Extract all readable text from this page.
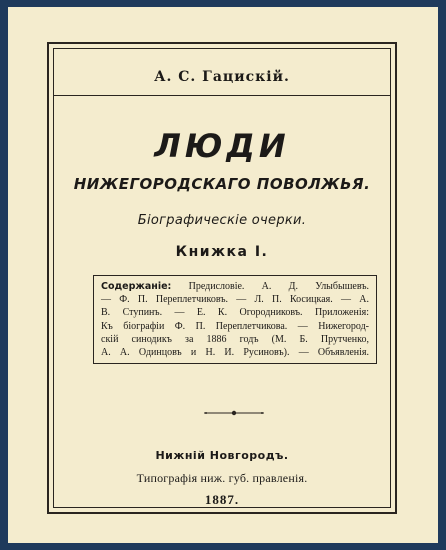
А. С. Гацискій.
ЛЮДИ
НИЖЕГОРОДСКАГО ПОВОЛЖЬЯ.
Біографическіе очерки.
Книжка I.
Содержаніе: Предисловіе. А. Д. Улыбышевъ.
— Ф. П. Переплетчиковъ. — Л. П. Косицкая. — А.
В. Ступинъ. — Е. К. Огородниковъ. Приложенія:
Къ біографіи Ф. П. Переплетчикова. — Нижегород-
скій синодикъ за 1886 годъ (М. Б. Прутченко,
А. А. Одинцовъ и Н. И. Русиновъ). — Объявленія.
Нижній Новгородъ.
Типографія ниж. губ. правленія.
1887.
